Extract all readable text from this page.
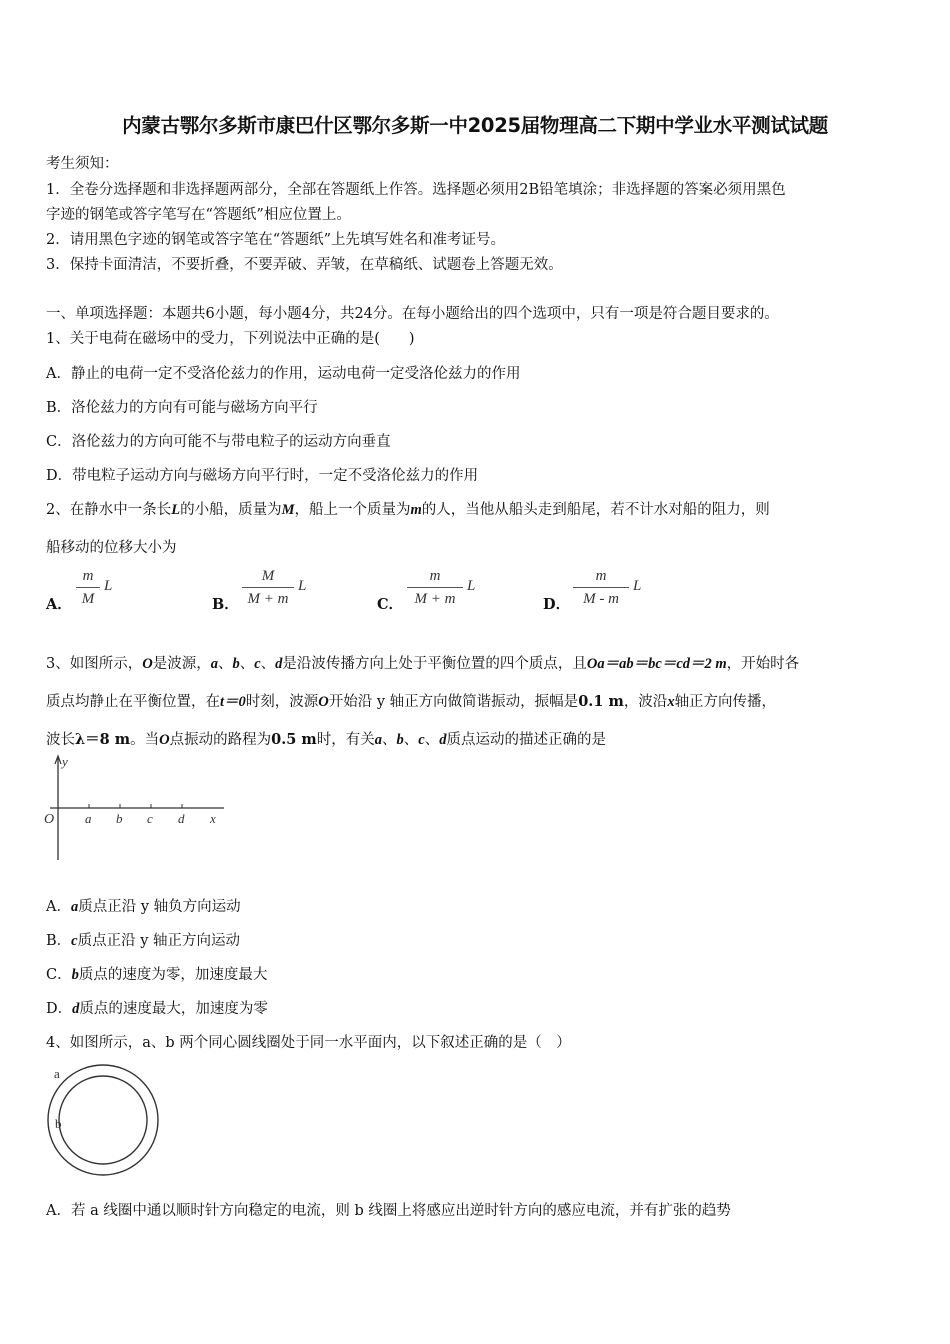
内蒙古鄂尔多斯市康巴什区鄂尔多斯一中2025届物理高二下期中学业水平测试试题
考生须知：
1．全卷分选择题和非选择题两部分，全部在答题纸上作答。选择题必须用2B铅笔填涂；非选择题的答案必须用黑色
字迹的钢笔或答字笔写在“答题纸”相应位置上。
2．请用黑色字迹的钢笔或答字笔在“答题纸”上先填写姓名和准考证号。
3．保持卡面清洁，不要折叠，不要弄破、弄皱，在草稿纸、试题卷上答题无效。
一、单项选择题：本题共6小题，每小题4分，共24分。在每小题给出的四个选项中，只有一项是符合题目要求的。
1、关于电荷在磁场中的受力，下列说法中正确的是(　　)
A．静止的电荷一定不受洛伦兹力的作用，运动电荷一定受洛伦兹力的作用
B．洛伦兹力的方向有可能与磁场方向平行
C．洛伦兹力的方向可能不与带电粒子的运动方向垂直
D．带电粒子运动方向与磁场方向平行时，一定不受洛伦兹力的作用
2、在静水中一条长L的小船，质量为M，船上一个质量为m的人，当他从船头走到船尾，若不计水对船的阻力，则
船移动的位移大小为
A．
m
M
L
B．
M
M + m
L
C．
m
M + m
L
D．
m
M - m
L
3、如图所示，O是波源，a、b、c、d是沿波传播方向上处于平衡位置的四个质点，且Oa＝ab＝bc＝cd＝2 m，开始时各
质点均静止在平衡位置，在t＝0时刻，波源O开始沿 y 轴正方向做简谐振动，振幅是0.1 m，波沿x轴正方向传播，
波长λ＝8 m。当O点振动的路程为0.5 m时，有关a、b、c、d质点运动的描述正确的是
y
O a b c d x
A．a质点正沿 y 轴负方向运动
B．c质点正沿 y 轴正方向运动
C．b质点的速度为零，加速度最大
D．d质点的速度最大，加速度为零
4、如图所示，a、b 两个同心圆线圈处于同一水平面内，以下叙述正确的是（　）
a
b
A．若 a 线圈中通以顺时针方向稳定的电流，则 b 线圈上将感应出逆时针方向的感应电流，并有扩张的趋势
